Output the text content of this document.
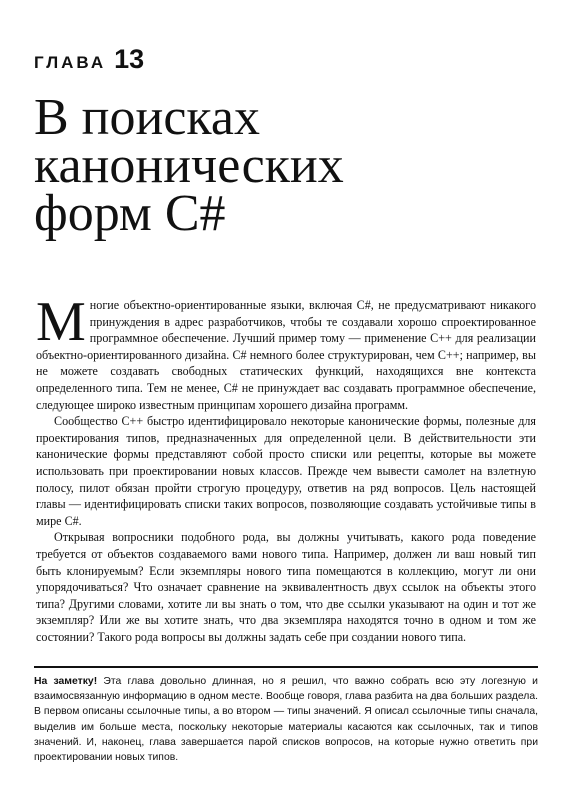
ГЛАВА 13
В поисках
канонических
форм C#

Многие объектно-ориентированные языки, включая C#, не предусматривают никакого принуждения в адрес разработчиков, чтобы те создавали хорошо спроектированное программное обеспечение. Лучший пример тому — применение C++ для реализации объектно-ориентированного дизайна. C# немного более структурирован, чем C++; например, вы не можете создавать свободных статических функций, находящихся вне контекста определенного типа. Тем не менее, C# не принуждает вас создавать программное обеспечение, следующее широко известным принципам хорошего дизайна программ.

Сообщество C++ быстро идентифицировало некоторые канонические формы, полезные для проектирования типов, предназначенных для определенной цели. В действительности эти канонические формы представляют собой просто списки или рецепты, которые вы можете использовать при проектировании новых классов. Прежде чем вывести самолет на взлетную полосу, пилот обязан пройти строгую процедуру, ответив на ряд вопросов. Цель настоящей главы — идентифицировать списки таких вопросов, позволяющие создавать устойчивые типы в мире C#.

Открывая вопросники подобного рода, вы должны учитывать, какого рода поведение требуется от объектов создаваемого вами нового типа. Например, должен ли ваш новый тип быть клонируемым? Если экземпляры нового типа помещаются в коллекцию, могут ли они упорядочиваться? Что означает сравнение на эквивалентность двух ссылок на объекты этого типа? Другими словами, хотите ли вы знать о том, что две ссылки указывают на один и тот же экземпляр? Или же вы хотите знать, что два экземпляра находятся точно в одном и том же состоянии? Такого рода вопросы вы должны задать себе при создании нового типа.

На заметку! Эта глава довольно длинная, но я решил, что важно собрать всю эту логезную и взаимосвязанную информацию в одном месте. Вообще говоря, глава разбита на два больших раздела. В первом описаны ссылочные типы, а во втором — типы значений. Я описал ссылочные типы сначала, выделив им больше места, поскольку некоторые материалы касаются как ссылочных, так и типов значений. И, наконец, глава завершается парой списков вопросов, на которые нужно ответить при проектировании новых типов.
